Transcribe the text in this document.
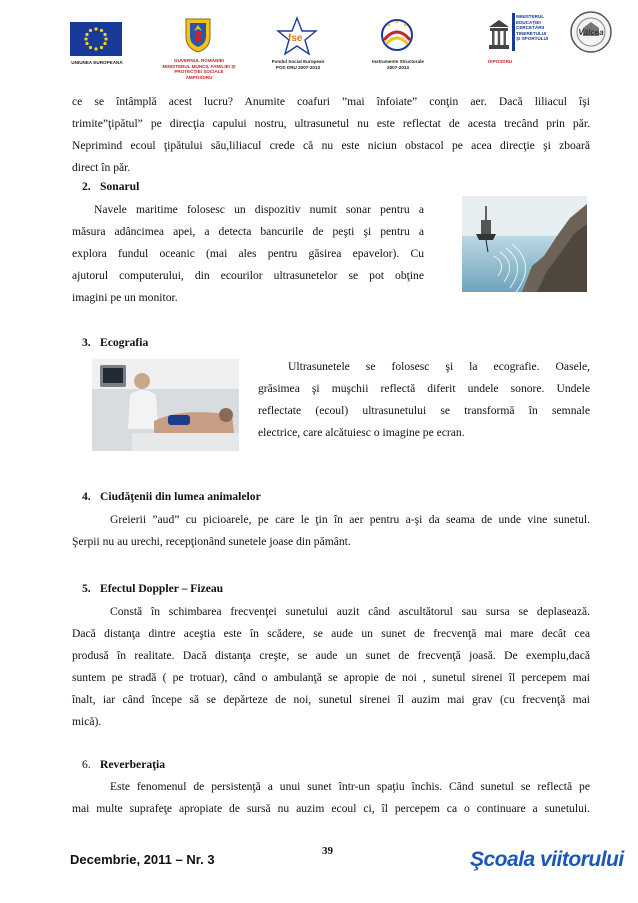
UNIUNEA EUROPEANĂ	GUVERNUL ROMÂNIEI
MINISTERUL MUNCII, FAMILIEI ŞI
PROTECŢIEI SOCIALE
AMPOSDRU
fse
Fondul Social European
POS DRU 2007-2013
Instrumente Structurale
2007-2013
OIPOSDRU
MINISTERUL
EDUCAŢIEI
CERCETĂRII
TINERETULUI
ŞI SPORTULUI
Vâlcea
ce se întâmplă acest lucru? Anumite coafuri ”mai înfoiate” conţin aer. Dacă liliacul îşi
trimite”ţipătul” pe direcţia capului nostru, ultrasunetul nu este reflectat de acesta trecând prin păr.
Neprimind ecoul ţipătului său,liliacul crede că nu este niciun obstacol pe acea direcţie şi zboară
direct în păr.
2. Sonarul
Navele maritime folosesc un dispozitiv numit sonar pentru a
măsura adâncimea apei, a detecta bancurile de peşti şi pentru a
explora fundul oceanic (mai ales pentru găsirea epavelor). Cu
ajutorul computerului, din ecourilor ultrasunetelor se pot obţine
imagini pe un monitor.
3. Ecografia
Ultrasunetele se folosesc şi la ecografie. Oasele,
grăsimea şi muşchii reflectă diferit undele sonore. Undele
reflectate (ecoul) ultrasunetului se transformă în semnale
electrice, care alcătuiesc o imagine pe ecran.
4. Ciudăţenii din lumea animalelor
Greierii ”aud” cu picioarele, pe care le ţin în aer pentru a-şi da seama de unde vine sunetul.
Şerpii nu au urechi, recepţionând sunetele joase din pământ.
5. Efectul Doppler – Fizeau
Constă în schimbarea frecvenţei sunetului auzit când ascultătorul sau sursa se deplasează.
Dacă distanţa dintre aceştia este în scădere, se aude un sunet de frecvenţă mai mare decât cea
produsă în realitate. Dacă distanţa creşte, se aude un sunet de frecvenţă joasă. De exemplu,dacă
suntem pe stradă ( pe trotuar), când o ambulanţă se apropie de noi , sunetul sirenei îl percepem mai
înalt, iar când începe să se depărteze de noi, sunetul sirenei îl auzim mai grav (cu frecvenţă mai
mică).
6. Reverberaţia
Este fenomenul de persistenţă a unui sunet într-un spaţiu închis. Când sunetul se reflectă pe
mai multe suprafeţe apropiate de sursă nu auzim ecoul ci, îl percepem ca o continuare a sunetului.
39
Decembrie, 2011 – Nr. 3	Şcoala viitorului
